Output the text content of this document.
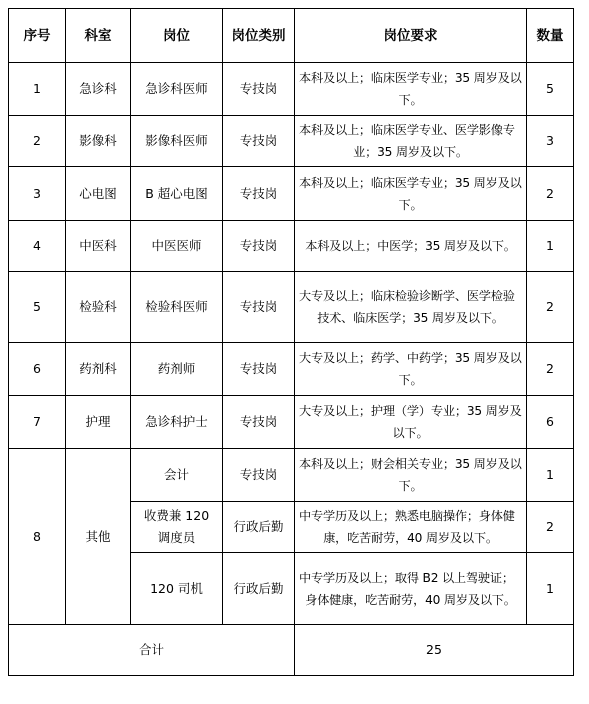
序号	科室	岗位	岗位类别	岗位要求	数量
1	急诊科	急诊科医师	专技岗	本科及以上；临床医学专业；35 周岁及以下。	5
2	影像科	影像科医师	专技岗	本科及以上；临床医学专业、医学影像专业；35 周岁及以下。	3
3	心电图	B 超心电图	专技岗	本科及以上；临床医学专业；35 周岁及以下。	2
4	中医科	中医医师	专技岗	本科及以上；中医学；35 周岁及以下。	1
5	检验科	检验科医师	专技岗	大专及以上；临床检验诊断学、医学检验技术、临床医学；35 周岁及以下。	2
6	药剂科	药剂师	专技岗	大专及以上；药学、中药学；35 周岁及以下。	2
7	护理	急诊科护士	专技岗	大专及以上；护理（学）专业；35 周岁及以下。	6
8	其他	会计	专技岗	本科及以上；财会相关专业；35 周岁及以下。	1
		收费兼 120 调度员	行政后勤	中专学历及以上；熟悉电脑操作；身体健康，吃苦耐劳，40 周岁及以下。	2
		120 司机	行政后勤	中专学历及以上；取得 B2 以上驾驶证；身体健康，吃苦耐劳，40 周岁及以下。	1
合计				25	
